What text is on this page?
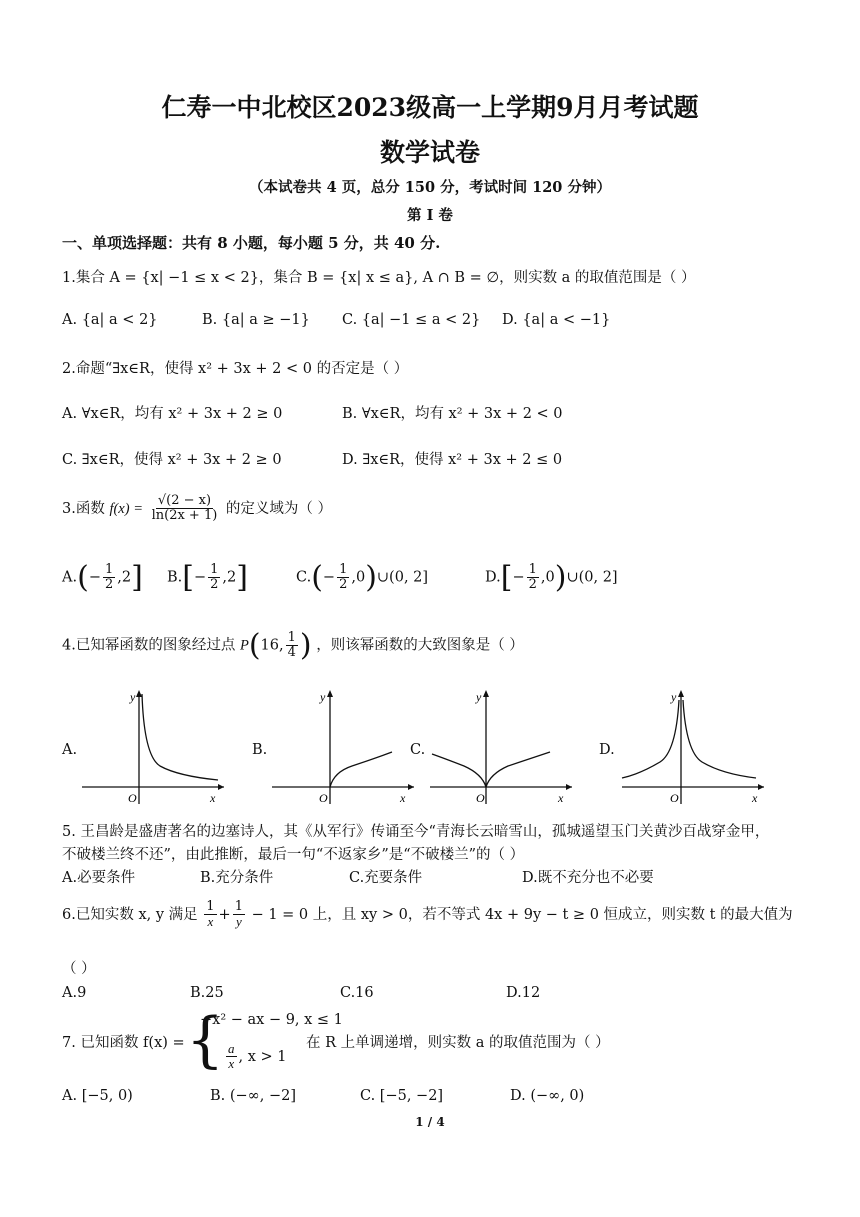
仁寿一中北校区2023级高一上学期9月月考试题
数学试卷
（本试卷共 4 页，总分 150 分，考试时间 120 分钟）
第 I 卷
一、单项选择题：共有 8 小题，每小题 5 分，共 40 分.
1.集合 A = {x| −1 ≤ x < 2}，集合 B = {x| x ≤ a}, A ∩ B = ∅，则实数 a 的取值范围是（ ）
A. {a| a < 2}	B. {a| a ≥ −1} C. {a| −1 ≤ a < 2} D. {a| a < −1}
2.命题“∃x∈R，使得 x² + 3x + 2 < 0 的否定是（ ）
A. ∀x∈R，均有 x² + 3x + 2 ≥ 0	B. ∀x∈R，均有 x² + 3x + 2 < 0
C. ∃x∈R，使得 x² + 3x + 2 ≥ 0	D. ∃x∈R，使得 x² + 3x + 2 ≤ 0
3.函数 $f(x) = \frac{√(2 - x)}{\ln(2x + 1)}$ 的定义域为（ ）
$A.(- \frac{1}{2} ,2]$ $B.[- \frac{1}{2} ,2]$	$C.(- \frac{1}{2}$ ,0)∪(0, 2]	$D.[- \frac{1}{2}$ ,0)∪(0, 2]
4.已知幂函数的图象经过点 P(16, $\frac{1}{4}$ ) ，则该幂函数的大致图象是（ ）
A.	B.	C.	D.
y
x
O
y
x
O
y
x
O
y
x
O
5. 王昌龄是盛唐著名的边塞诗人，其《从军行》传诵至今“青海长云暗雪山，孤城遥望玉门关黄沙百战穿金甲，
不破楼兰终不还”，由此推断，最后一句“不返家乡”是“不破楼兰”的（ ）
A.必要条件	B.充分条件	C.充要条件	D.既不充分也不必要
6.已知实数 x, y 满足 $\frac{1}{x} + \frac{1}{y} - 1 = 0$ 上，且 xy > 0，若不等式 4x + 9y − t ≥ 0 恒成立，则实数 t 的最大值为
（ ）
A.9	B.25	C.16	D.12
7. 已知函数 f(x) = {
−x² − ax − 9, x ≤ 1
$\frac{a}{x}$ , x > 1
在 R 上单调递增，则实数 a 的取值范围为（ ）
A. [−5, 0)	B. (−∞, −2]	C. [−5, −2]	D. (−∞, 0)
1 / 4
